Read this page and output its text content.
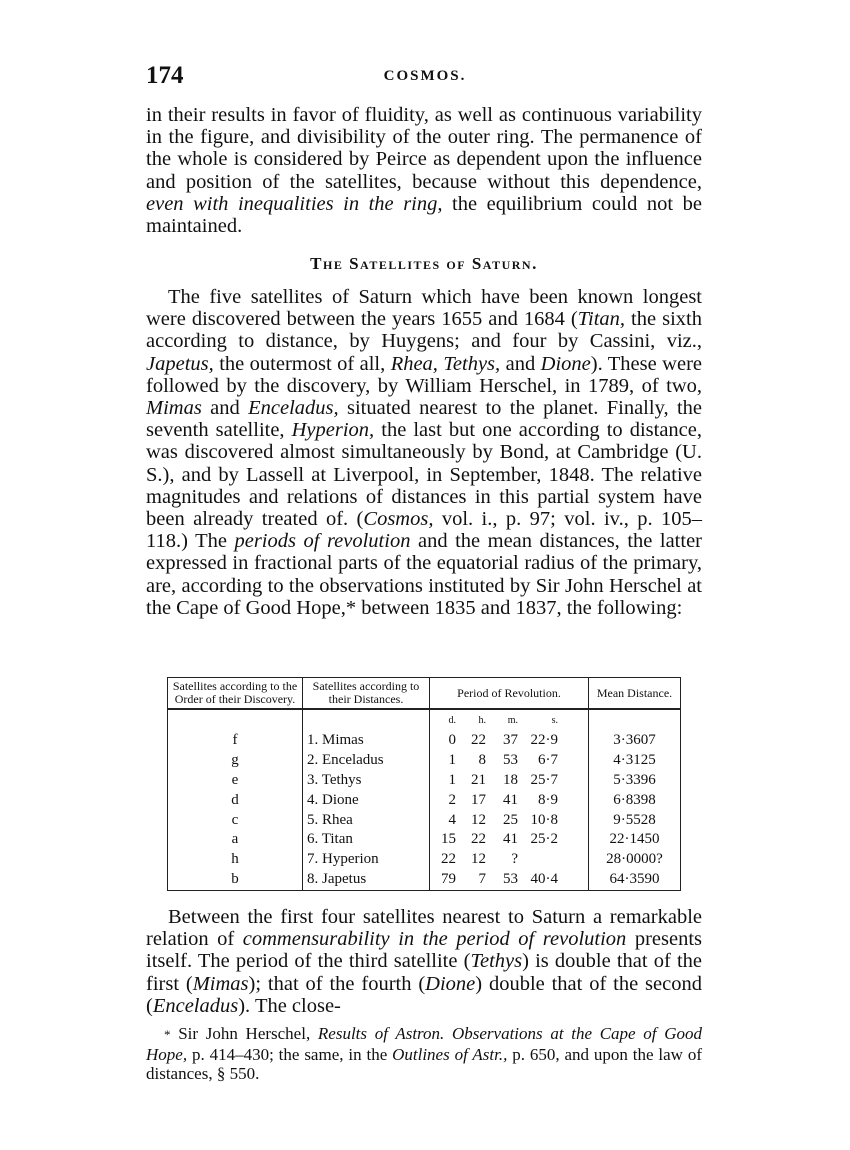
174	COSMOS.

in their results in favor of fluidity, as well as continuous variability in the figure, and divisibility of the outer ring. The permanence of the whole is considered by Peirce as dependent upon the influence and position of the satellites, because without this dependence, even with inequalities in the ring, the equilibrium could not be maintained.

The Satellites of Saturn.

The five satellites of Saturn which have been known longest were discovered between the years 1655 and 1684 (Titan, the sixth according to distance, by Huygens; and four by Cassini, viz., Japetus, the outermost of all, Rhea, Tethys, and Dione). These were followed by the discovery, by William Herschel, in 1789, of two, Mimas and Enceladus, situated nearest to the planet. Finally, the seventh satellite, Hyperion, the last but one according to distance, was discovered almost simultaneously by Bond, at Cambridge (U. S.), and by Lassell at Liverpool, in September, 1848. The relative magnitudes and relations of distances in this partial system have been already treated of. (Cosmos, vol. i., p. 97; vol. iv., p. 105–118.) The periods of revolution and the mean distances, the latter expressed in fractional parts of the equatorial radius of the primary, are, according to the observations instituted by Sir John Herschel at the Cape of Good Hope,* between 1835 and 1837, the following:

Satellites according to the Order of their Discovery.	Satellites according to their Distances.	Period of Revolution.	Mean Distance.
		d. h. m. s.	
f	1. Mimas	0 22 37 22·9	3·3607
g	2. Enceladus	1 8 53 6·7	4·3125
e	3. Tethys	1 21 18 25·7	5·3396
d	4. Dione	2 17 41 8·9	6·8398
c	5. Rhea	4 12 25 10·8	9·5528
a	6. Titan	15 22 41 25·2	22·1450
h	7. Hyperion	22 12 ?	28·0000?
b	8. Japetus	79 7 53 40·4	64·3590

Between the first four satellites nearest to Saturn a remarkable relation of commensurability in the period of revolution presents itself. The period of the third satellite (Tethys) is double that of the first (Mimas); that of the fourth (Dione) double that of the second (Enceladus). The close-

* Sir John Herschel, Results of Astron. Observations at the Cape of Good Hope, p. 414–430; the same, in the Outlines of Astr., p. 650, and upon the law of distances, § 550.
